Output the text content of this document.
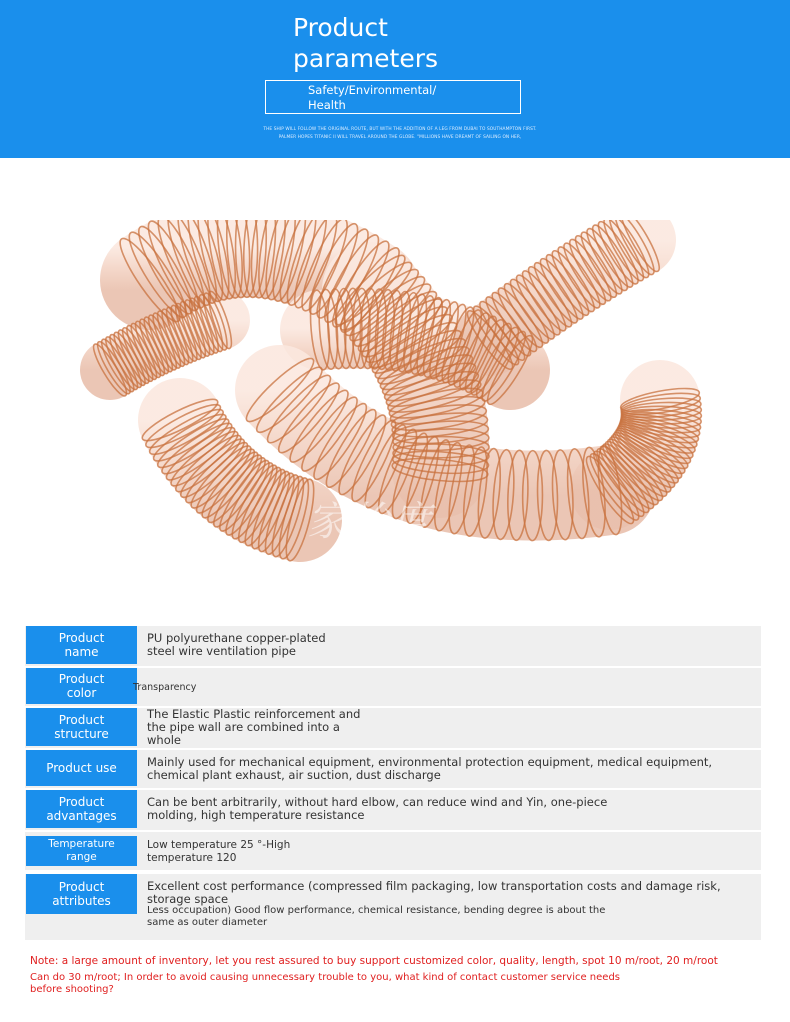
Product
parameters
Safety/Environmental/
Health
THE SHIP WILL FOLLOW THE ORIGINAL ROUTE, BUT WITH THE ADDITION OF A LEG FROM DUBAI TO SOUTHAMPTON FIRST.
PALMER HOPES TITANIC II WILL TRAVEL AROUND THE GLOBE. "MILLIONS HAVE DREAMT OF SAILING ON HER,
家怡度
Product
name
PU polyurethane copper-plated
steel wire ventilation pipe
Product
color	Transparency
Product
structure
The Elastic Plastic reinforcement and
the pipe wall are combined into a
whole
Product use	Mainly used for mechanical equipment, environmental protection equipment, medical equipment,
chemical plant exhaust, air suction, dust discharge
Product
advantages
Can be bent arbitrarily, without hard elbow, can reduce wind and Yin, one-piece
molding, high temperature resistance
Temperature
range
Low temperature 25 °-High
temperature 120
Product
attributes
Excellent cost performance (compressed film packaging, low transportation costs and damage risk,
storage space
Less occupation) Good flow performance, chemical resistance, bending degree is about the
same as outer diameter
Note: a large amount of inventory, let you rest assured to buy support customized color, quality, length, spot 10 m/root, 20 m/root
Can do 30 m/root; In order to avoid causing unnecessary trouble to you, what kind of contact customer service needs
before shooting?
